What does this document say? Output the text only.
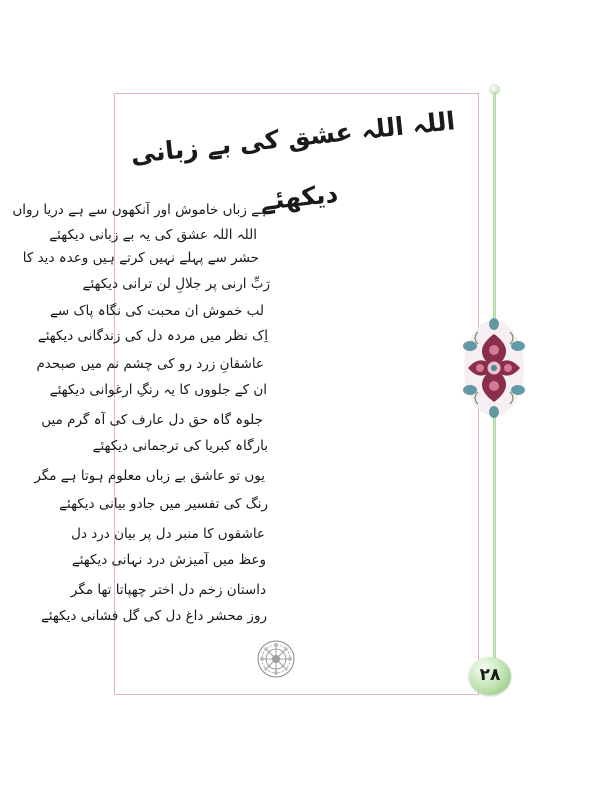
اللہ اللہ عشق کی بے زبانی دیکھئے
ہے زباں خاموش اور آنکھوں سے ہے دریا رواں
اللہ اللہ عشق کی یہ بے زبانی دیکھئے
حشر سے پہلے نہیں کرتے ہیں وعدہ دید کا
رَبِّ ارنی پر جلالِ لن ترانی دیکھئے
لب خموش ان محبت کی نگاہ پاک سے
اِک نظر میں مردہ دل کی زندگانی دیکھئے
عاشقانِ زرد رو کی چشم نم میں صبحدم
ان کے جلووں کا یہ رنگِ ارغوانی دیکھئے
جلوہ گاہ حق دل عارف کی آہ گرم میں
بارگاہ کبریا کی ترجمانی دیکھئے
یوں تو عاشق بے زباں معلوم ہوتا ہے مگر
رنگ کی تفسیر میں جادو بیانی دیکھئے
عاشقوں کا منبر دل پر بیان درد دل
وعظ میں آمیزش درد نہانی دیکھئے
داستان زخم دل اختر چھپاتا تھا مگر
روز محشر داغ دل کی گل فشانی دیکھئے
۲۸
